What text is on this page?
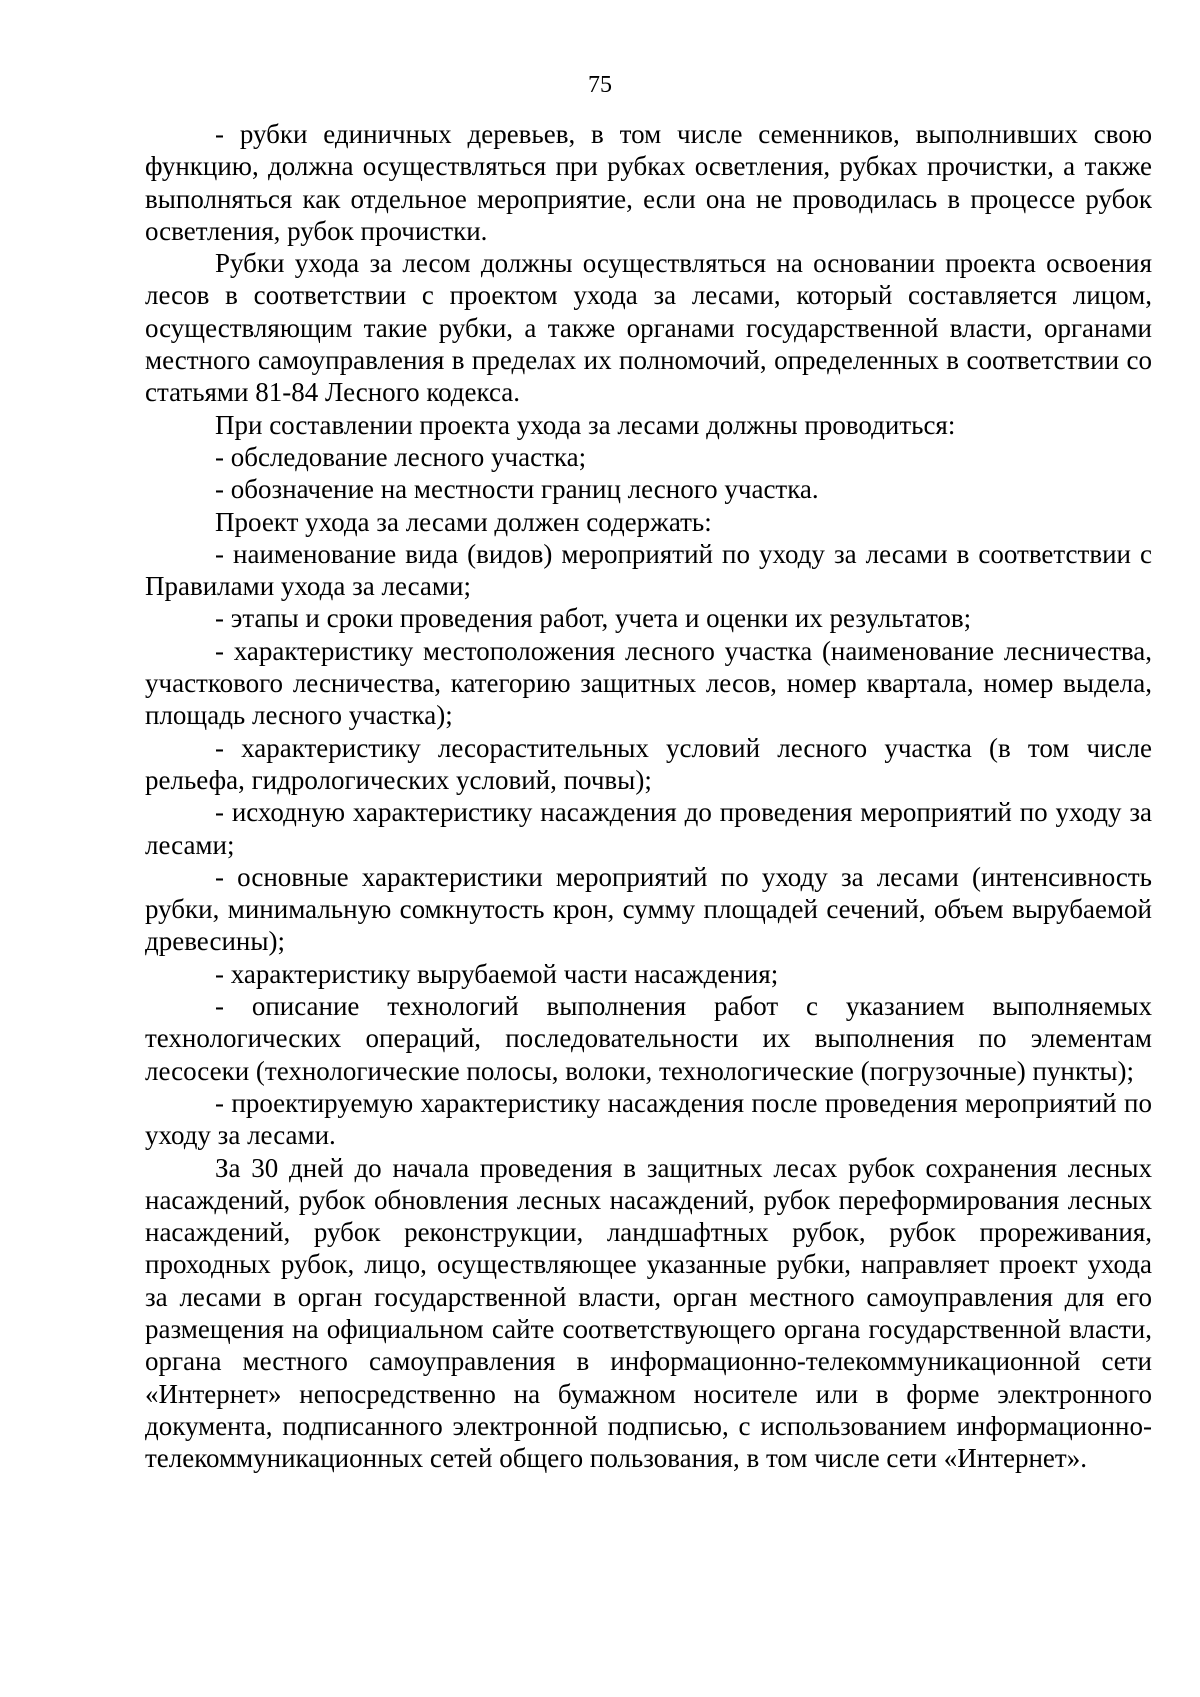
75

- рубки единичных деревьев, в том числе семенников, выполнивших свою функцию, должна осуществляться при рубках осветления, рубках прочистки, а также выполняться как отдельное мероприятие, если она не проводилась в процессе рубок осветления, рубок прочистки.

Рубки ухода за лесом должны осуществляться на основании проекта освоения лесов в соответствии с проектом ухода за лесами, который составляется лицом, осуществляющим такие рубки, а также органами государственной власти, органами местного самоуправления в пределах их полномочий, определенных в соответствии со статьями 81-84 Лесного кодекса.

При составлении проекта ухода за лесами должны проводиться:

- обследование лесного участка;

- обозначение на местности границ лесного участка.

Проект ухода за лесами должен содержать:

- наименование вида (видов) мероприятий по уходу за лесами в соответствии с Правилами ухода за лесами;

- этапы и сроки проведения работ, учета и оценки их результатов;

- характеристику местоположения лесного участка (наименование лесничества, участкового лесничества, категорию защитных лесов, номер квартала, номер выдела, площадь лесного участка);

- характеристику лесорастительных условий лесного участка (в том числе рельефа, гидрологических условий, почвы);

- исходную характеристику насаждения до проведения мероприятий по уходу за лесами;

- основные характеристики мероприятий по уходу за лесами (интенсивность рубки, минимальную сомкнутость крон, сумму площадей сечений, объем вырубаемой древесины);

- характеристику вырубаемой части насаждения;

- описание технологий выполнения работ с указанием выполняемых технологических операций, последовательности их выполнения по элементам лесосеки (технологические полосы, волоки, технологические (погрузочные) пункты);

- проектируемую характеристику насаждения после проведения мероприятий по уходу за лесами.

За 30 дней до начала проведения в защитных лесах рубок сохранения лесных насаждений, рубок обновления лесных насаждений, рубок переформирования лесных насаждений, рубок реконструкции, ландшафтных рубок, рубок прореживания, проходных рубок, лицо, осуществляющее указанные рубки, направляет проект ухода за лесами в орган государственной власти, орган местного самоуправления для его размещения на официальном сайте соответствующего органа государственной власти, органа местного самоуправления в информационно-телекоммуникационной сети «Интернет» непосредственно на бумажном носителе или в форме электронного документа, подписанного электронной подписью, с использованием информационно-телекоммуникационных сетей общего пользования, в том числе сети «Интернет».
